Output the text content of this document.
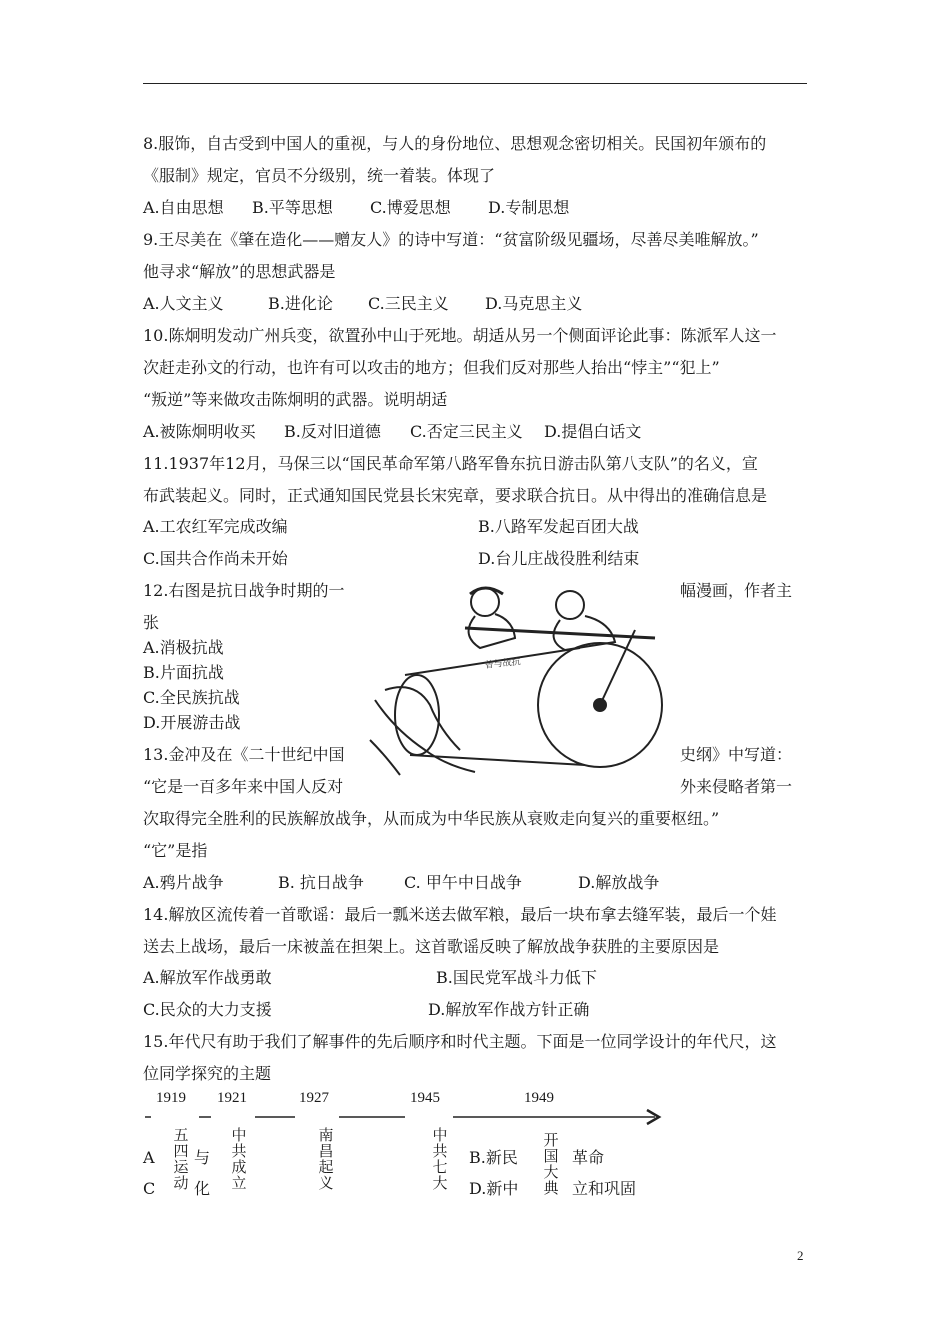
8.服饰，自古受到中国人的重视，与人的身份地位、思想观念密切相关。民国初年颁布的
《服制》规定，官员不分级别，统一着装。体现了
A.自由思想 B.平等思想 C.博爱思想 D.专制思想
9.王尽美在《肇在造化——赠友人》的诗中写道：“贫富阶级见疆场，尽善尽美唯解放。”
他寻求“解放”的思想武器是
A.人文主义	B.进化论 C.三民主义 D.马克思主义
10.陈炯明发动广州兵变，欲置孙中山于死地。胡适从另一个侧面评论此事：陈派军人这一
次赶走孙文的行动，也许有可以攻击的地方；但我们反对那些人抬出“悖主”“犯上”
“叛逆”等来做攻击陈炯明的武器。说明胡适
A.被陈炯明收买 B.反对旧道德 C.否定三民主义 D.提倡白话文
11.1937年12月，马保三以“国民革命军第八路军鲁东抗日游击队第八支队”的名义，宣
布武装起义。同时，正式通知国民党县长宋宪章，要求联合抗日。从中得出的准确信息是
A.工农红军完成改编	B.八路军发起百团大战
C.国共合作尚未开始	D.台儿庄战役胜利结束
12.右图是抗日战争时期的一	幅漫画，作者主
张
A.消极抗战
B.片面抗战
C.全民族抗战
D.开展游击战
曾与战抗
13.金冲及在《二十世纪中国	史纲》中写道：
“它是一百多年来中国人反对	外来侵略者第一
次取得完全胜利的民族解放战争，从而成为中华民族从衰败走向复兴的重要枢纽。”
“它”是指
A.鸦片战争	B. 抗日战争	C. 甲午中日战争	D.解放战争
14.解放区流传着一首歌谣：最后一瓢米送去做军粮，最后一块布拿去缝军装，最后一个娃
送去上战场，最后一床被盖在担架上。这首歌谣反映了解放战争获胜的主要原因是
A.解放军作战勇敢	B.国民党军战斗力低下
C.民众的大力支援	D.解放军作战方针正确
15.年代尺有助于我们了解事件的先后顺序和时代主题。下面是一位同学设计的年代尺，这
位同学探究的主题
1919 1921	1927	1945	1949
五四运动
中共成立
南昌起义
中共七大
开国大典
A 与	B.新民	革命
C 化	D.新中	立和巩固
2
